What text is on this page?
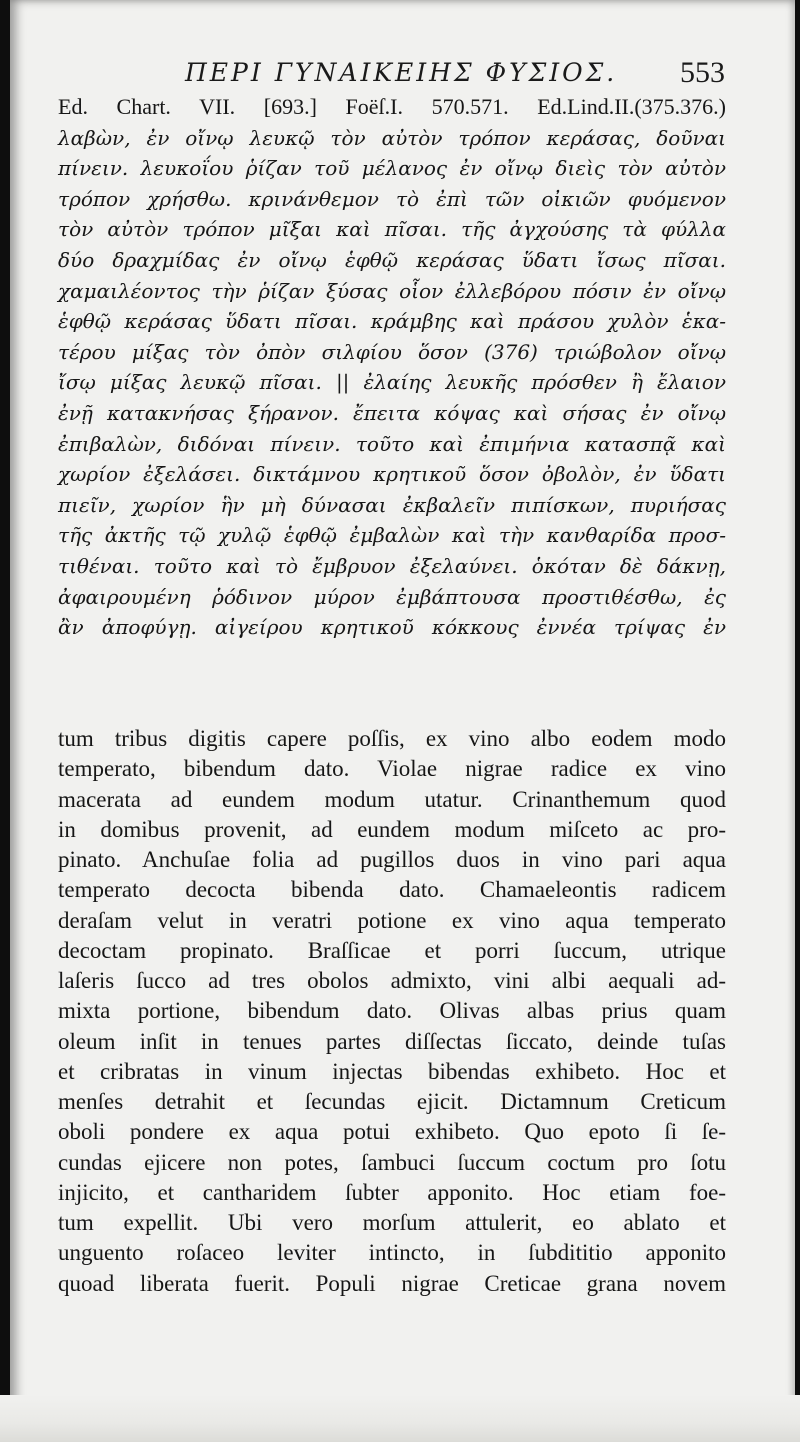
ΠΕΡΙ ΓΥΝΑΙΚΕΙΗΣ ΦΥΣΙΟΣ. 553
Ed. Chart. VII. [693.] Foëſ.I. 570.571. Ed.Lind.II.(375.376.)
λαβὼν, ἐν οἴνῳ λευκῷ τὸν αὐτὸν τρόπον κεράσας, δοῦναι
πίνειν. λευκοΐου ῥίζαν τοῦ μέλανος ἐν οἴνῳ διεὶς τὸν αὐτὸν
τρόπον χρήσθω. κρινάνθεμον τὸ ἐπὶ τῶν οἰκιῶν φυόμενον
τὸν αὐτὸν τρόπον μῖξαι καὶ πῖσαι. τῆς ἀγχούσης τὰ φύλλα
δύο δραχμίδας ἐν οἴνῳ ἑφθῷ κεράσας ὕδατι ἴσως πῖσαι.
χαμαιλέοντος τὴν ῥίζαν ξύσας οἷον ἐλλεβόρου πόσιν ἐν οἴνῳ
ἑφθῷ κεράσας ὕδατι πῖσαι. κράμβης καὶ πράσου χυλὸν ἑκα-
τέρου μίξας τὸν ὀπὸν σιλφίου ὅσον (376) τριώβολον οἴνῳ
ἴσῳ μίξας λευκῷ πῖσαι. || ἐλαίης λευκῆς πρόσθεν ἢ ἔλαιον
ἐνῇ κατακνήσας ξήρανον. ἔπειτα κόψας καὶ σήσας ἐν οἴνῳ
ἐπιβαλὼν, διδόναι πίνειν. τοῦτο καὶ ἐπιμήνια κατασπᾷ καὶ
χωρίον ἐξελάσει. δικτάμνου κρητικοῦ ὅσον ὀβολὸν, ἐν ὕδατι
πιεῖν, χωρίον ἣν μὴ δύνασαι ἐκβαλεῖν πιπίσκων, πυριήσας
τῆς ἀκτῆς τῷ χυλῷ ἑφθῷ ἐμβαλὼν καὶ τὴν κανθαρίδα προσ-
τιθέναι. τοῦτο καὶ τὸ ἔμβρυον ἐξελαύνει. ὁκόταν δὲ δάκνῃ,
ἀφαιρουμένη ῥόδινον μύρον ἐμβάπτουσα προστιθέσθω, ἐς
ἂν ἀποφύγῃ. αἰγείρου κρητικοῦ κόκκους ἐννέα τρίψας ἐν
tum tribus digitis capere poſſis, ex vino albo eodem modo
temperato, bibendum dato. Violae nigrae radice ex vino
macerata ad eundem modum utatur. Crinanthemum quod
in domibus provenit, ad eundem modum miſceto ac pro-
pinato. Anchuſae folia ad pugillos duos in vino pari aqua
temperato decocta bibenda dato. Chamaeleontis radicem
deraſam velut in veratri potione ex vino aqua temperato
decoctam propinato. Braſſicae et porri ſuccum, utrique
laſeris ſucco ad tres obolos admixto, vini albi aequali ad-
mixta portione, bibendum dato. Olivas albas prius quam
oleum inſit in tenues partes diſſectas ſiccato, deinde tuſas
et cribratas in vinum injectas bibendas exhibeto. Hoc et
menſes detrahit et ſecundas ejicit. Dictamnum Creticum
oboli pondere ex aqua potui exhibeto. Quo epoto ſi ſe-
cundas ejicere non potes, ſambuci ſuccum coctum pro ſotu
injicito, et cantharidem ſubter apponito. Hoc etiam foe-
tum expellit. Ubi vero morſum attulerit, eo ablato et
unguento roſaceo leviter intincto, in ſubdititio apponito
quoad liberata fuerit. Populi nigrae Creticae grana novem
